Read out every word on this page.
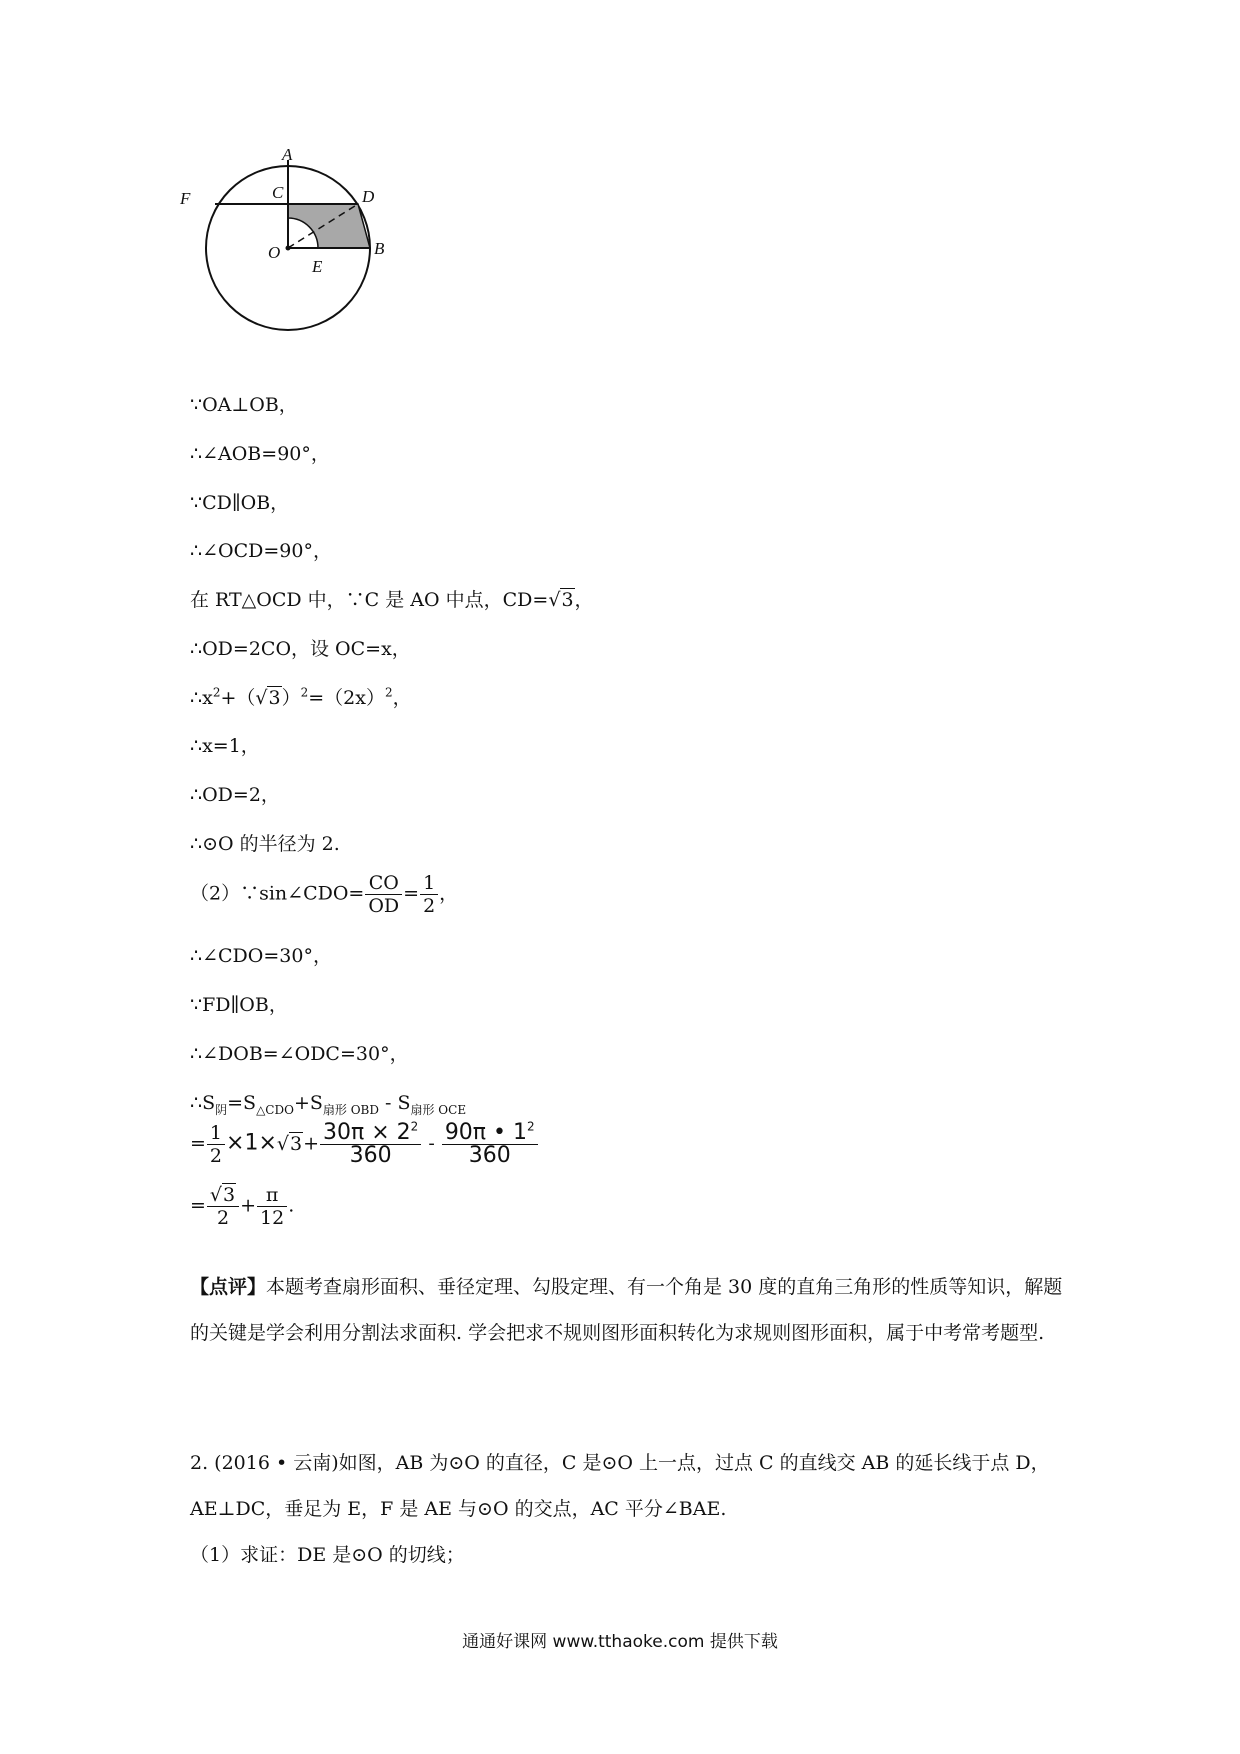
A
C
F	D
O
E
B
∵OA⊥OB，
∴∠AOB=90°，
∵CD∥OB，
∴∠OCD=90°，
在 RT△OCD 中，∵C 是 AO 中点，CD=√3，
∴OD=2CO，设 OC=x，
$\therefore x^2+(√3)^2=(2x)^2$，
∴x=1，
∴OD=2，
∴⊙O 的半径为 2.
（2）∵sin∠CDO= $\frac{CO}{OD} = \frac{1}{2}$ ，
∴∠CDO=30°，
∵FD∥OB，
∴∠DOB=∠ODC=30°，
$\therefore S_阴=S_{\triangle CDO}+S_{扇形 OBD} - S_{扇形 OCE}$
= $\frac{1}{2} \times 1\times√3+ \frac{30\pi \times 2^2}{360} - \frac{90\pi • 1^2}{360}$
= $\frac{√3}{2} + \frac{\pi}{12}$ .
【点评】本题考查扇形面积、垂径定理、勾股定理、有一个角是 30 度的直角三角形的性质等知识，解题的关键是学会利用分割法求面积. 学会把求不规则图形面积转化为求规则图形面积，属于中考常考题型.
2. (2016 • 云南)如图，AB 为⊙O 的直径，C 是⊙O 上一点，过点 C 的直线交 AB 的延长线于点 D，AE⊥DC，垂足为 E，F 是 AE 与⊙O 的交点，AC 平分∠BAE.
（1）求证：DE 是⊙O 的切线；
通通好课网 www.tthaoke.com 提供下载
